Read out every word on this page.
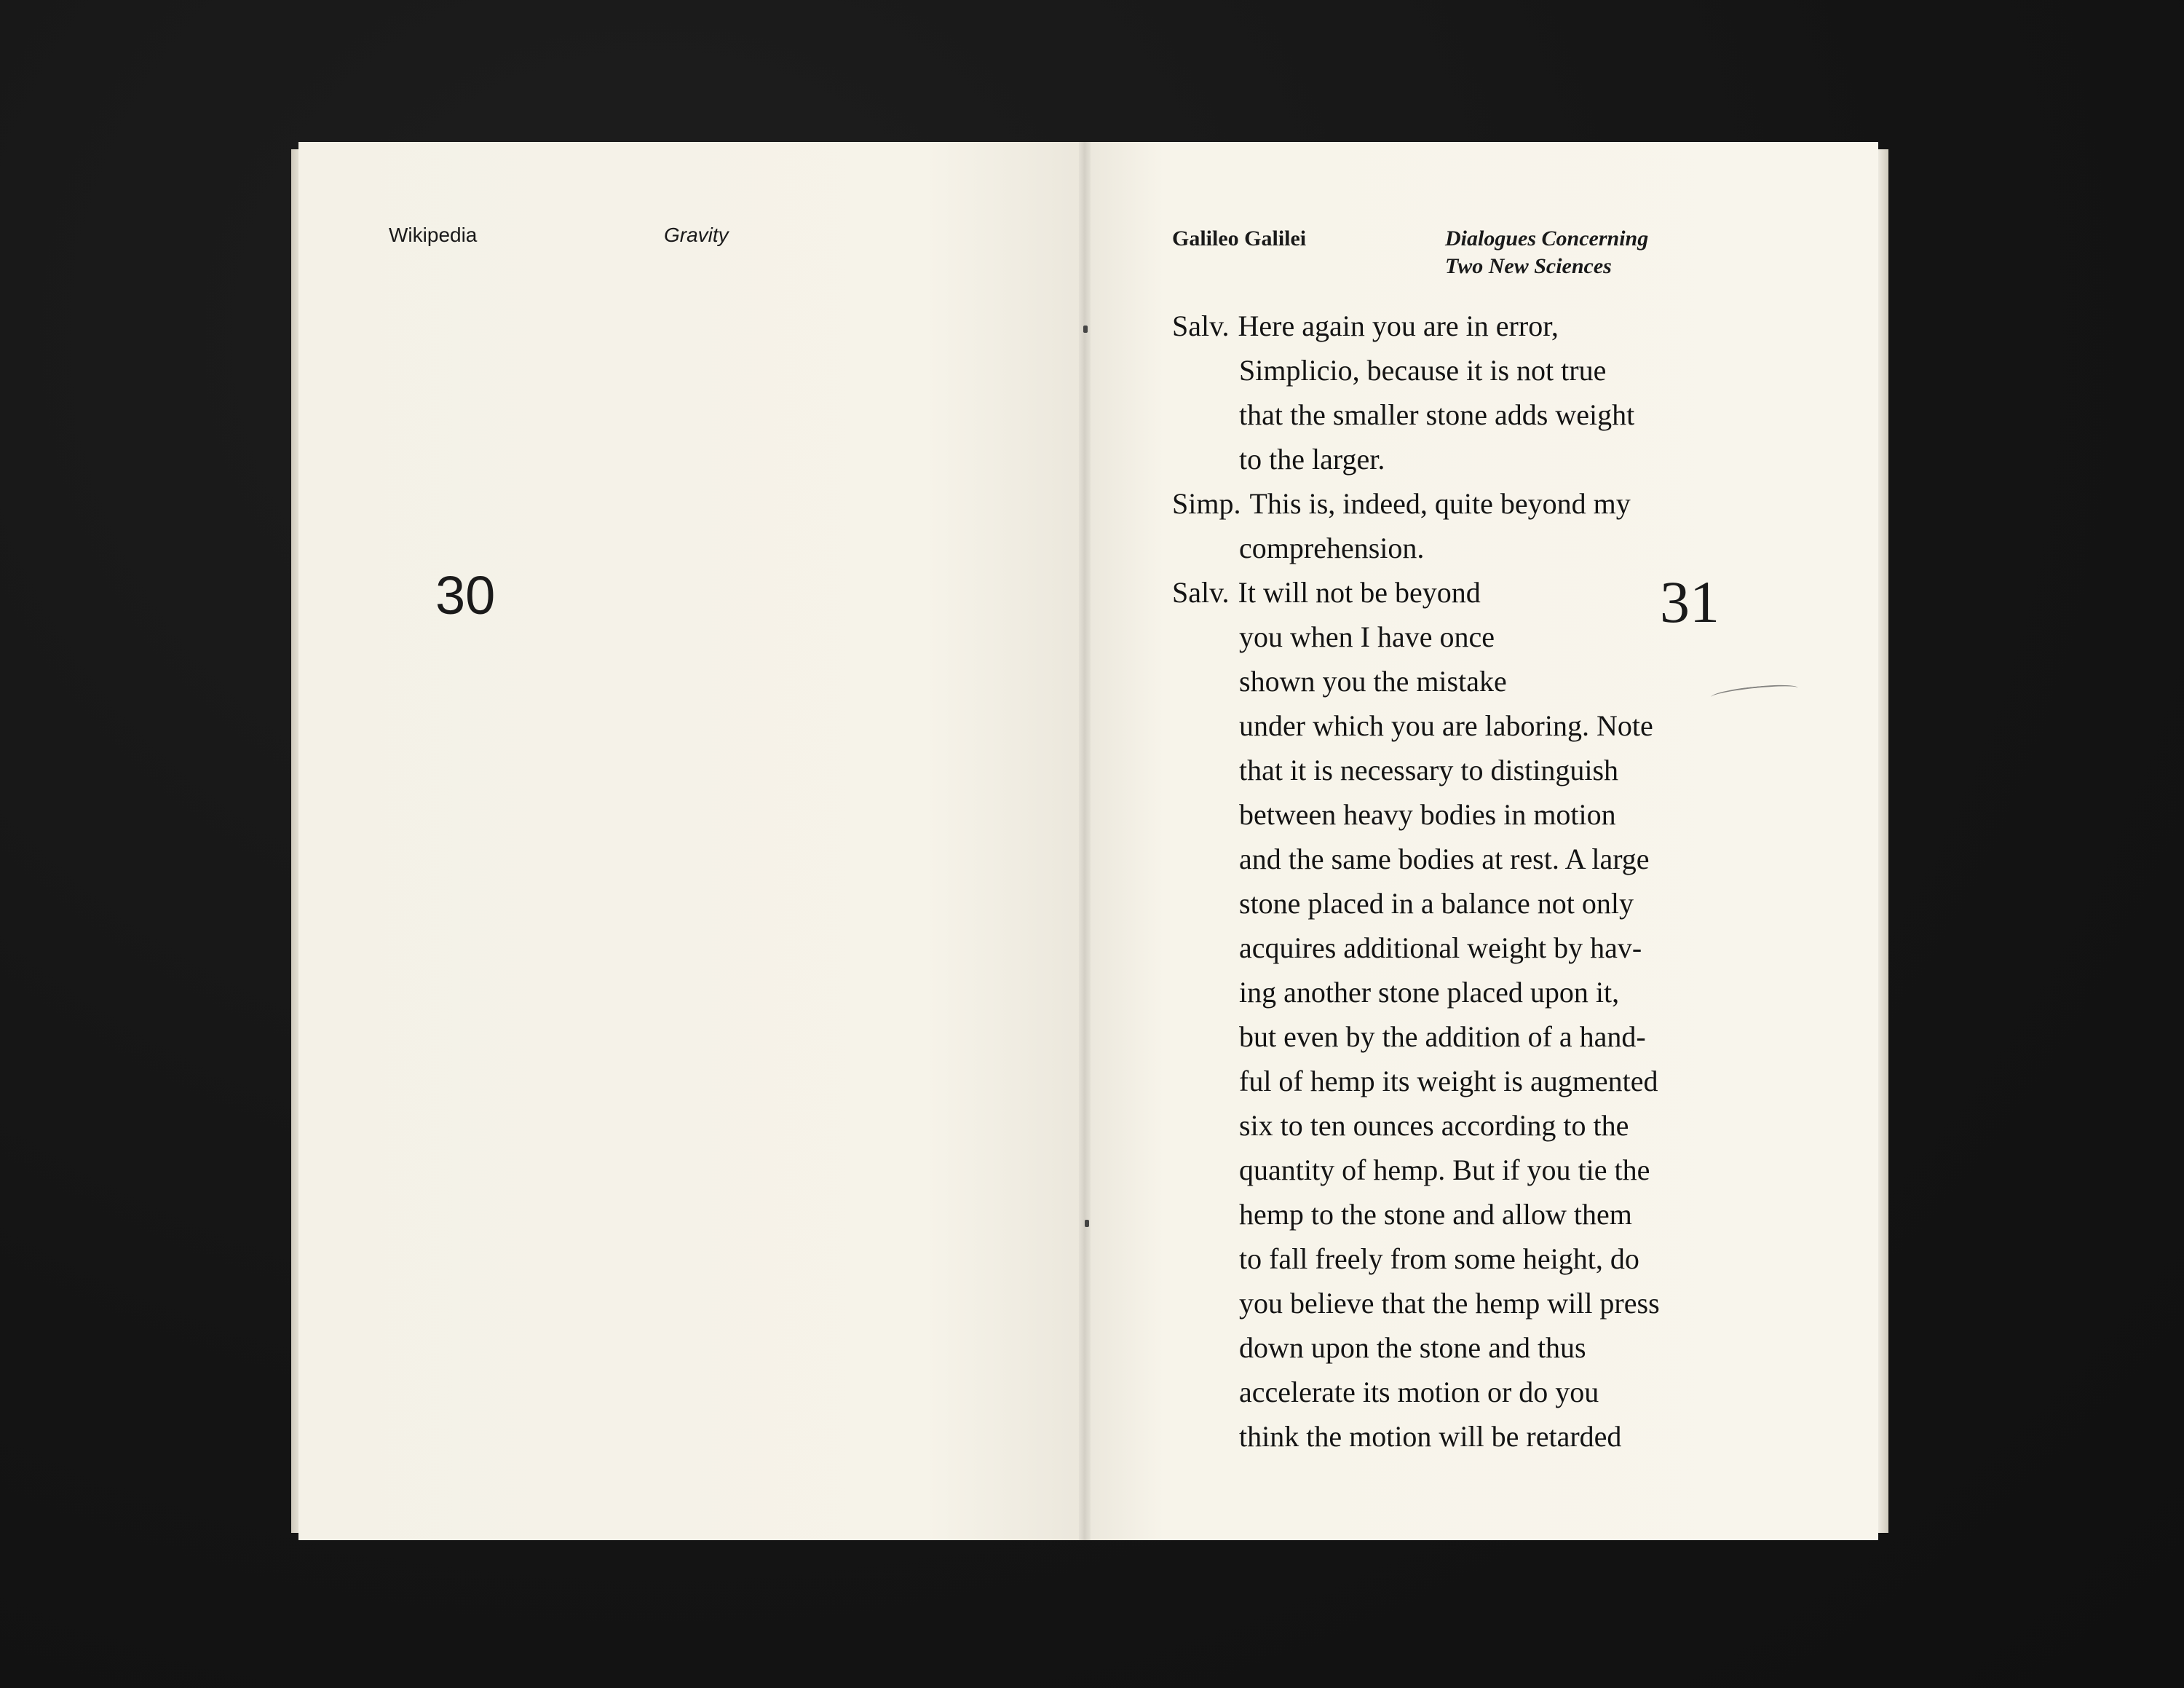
Wikipedia	Gravity
30
Galileo Galilei	Dialogues Concerning
Two New Sciences
Salv. Here again you are in error,
Simplicio, because it is not true
that the smaller stone adds weight
to the larger.
Simp. This is, indeed, quite beyond my
comprehension.
Salv. It will not be beyond
you when I have once
shown you the mistake
under which you are laboring. Note
that it is necessary to distinguish
between heavy bodies in motion
and the same bodies at rest. A large
stone placed in a balance not only
acquires additional weight by hav-
ing another stone placed upon it,
but even by the addition of a hand-
ful of hemp its weight is augmented
six to ten ounces according to the
quantity of hemp. But if you tie the
hemp to the stone and allow them
to fall freely from some height, do
you believe that the hemp will press
down upon the stone and thus
accelerate its motion or do you
think the motion will be retarded
31
